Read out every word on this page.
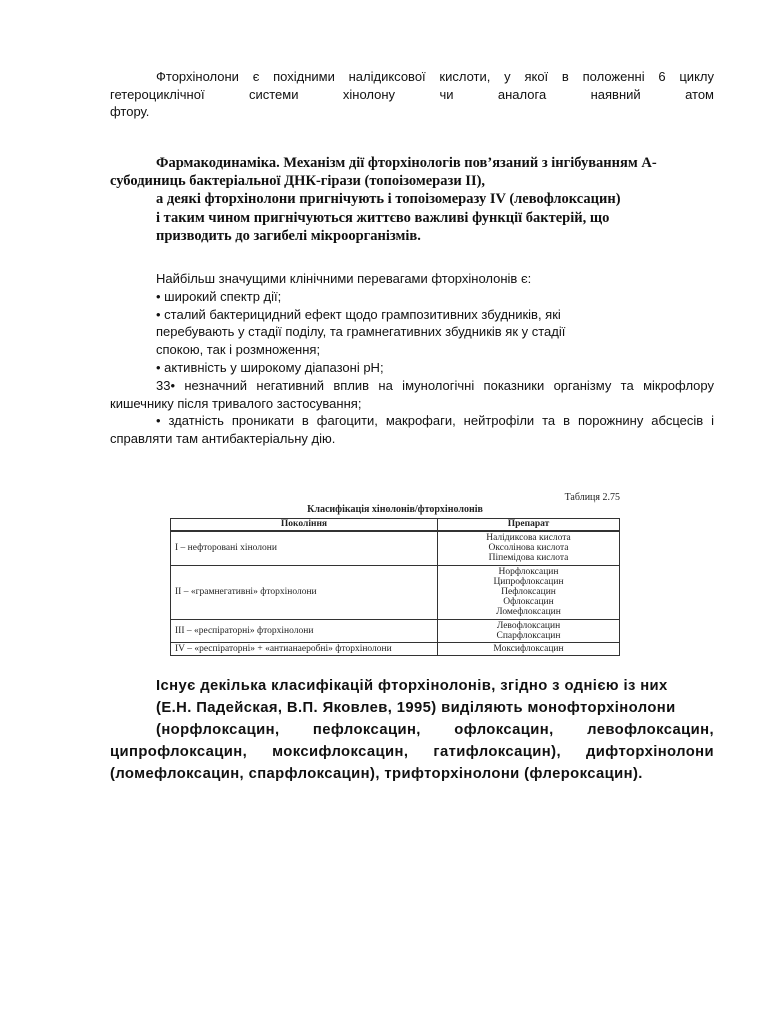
Фторхінолони є похідними налідиксової кислоти, у якої в положенні 6 циклу
гетероциклічної системи хінолону чи аналога наявний атом
фтору.
Фармакодинаміка. Механізм дії фторхінологів пов’язаний з інгібуванням А-
субодиниць бактеріальної ДНК-гірази (топоізомерази ІІ),
а деякі фторхінолони пригнічують і топоізомеразу IV (левофлоксацин)
і таким чином пригнічуються життєво важливі функції бактерій, що
призводить до загибелі мікроорганізмів.
Найбільш значущими клінічними перевагами фторхінолонів є:
• широкий спектр дії;
• сталий бактерицидний ефект щодо грампозитивних збудників, які
перебувають у стадії поділу, та грамнегативних збудників як у стадії
спокою, так і розмноження;
• активність у широкому діапазоні рН;
33• незначний негативний вплив на імунологічні показники організму та мікрофлору кишечнику після тривалого застосування;
• здатність проникати в фагоцити, макрофаги, нейтрофіли та в порожнину абсцесів і справляти там антибактеріальну дію.
Таблиця 2.75
Класифікація хінолонів/фторхінолонів
Покоління	Препарат
I – нефторовані хінолони	Налідиксова кислота
Оксолінова кислота
Піпемідова кислота

II – «грамнегативні» фторхінолони	Норфлоксацин
Ципрофлоксацин
Пефлоксацин
Офлоксацин
Ломефлоксацин

III – «респіраторні» фторхінолони	Левофлоксацин
Спарфлоксацин

IV – «респіраторні» + «антианаеробні» фторхінолони	Моксифлоксацин
Існує декілька класифікацій фторхінолонів, згідно з однією із них
(Е.Н. Падейская, В.П. Яковлев, 1995) виділяють монофторхінолони
(норфлоксацин, пефлоксацин, офлоксацин, левофлоксацин, ципрофлоксацин, моксифлоксацин, гатифлоксацин), дифторхінолони (ломефлоксацин, спарфлоксацин), трифторхінолони (флероксацин).
